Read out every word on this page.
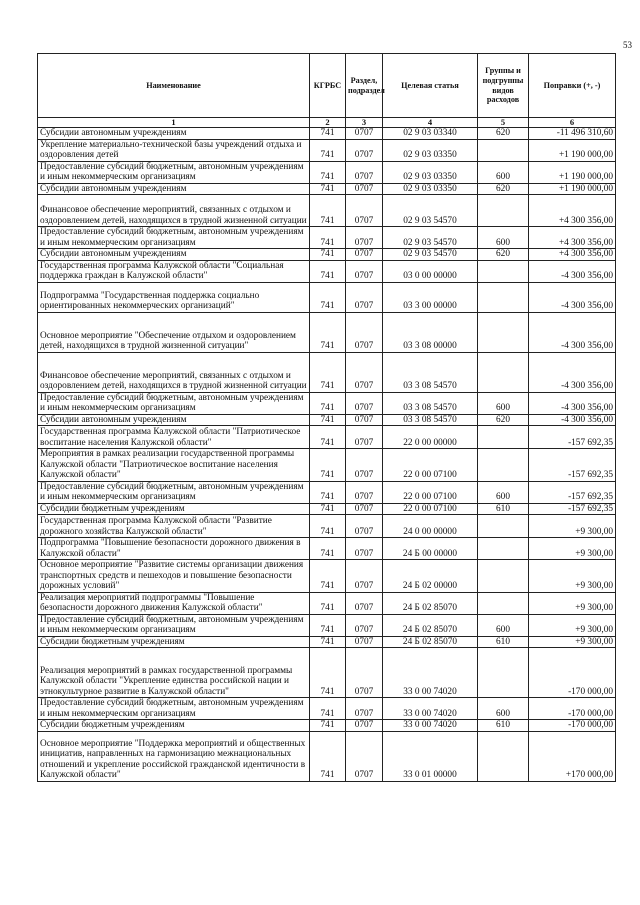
53
Наименование	КГРБС	Раздел, подраздел	Целевая статья	Группы и подгруппы видов расходов	Поправки (+, -)
1	2	3	4	5	6
Субсидии автономным учреждениям	741	0707	02 9 03 03340	620	-11 496 310,60
Укрепление материально-технической базы учреждений отдыха и оздоровления детей	741	0707	02 9 03 03350		+1 190 000,00
Предоставление субсидий бюджетным, автономным учреждениям и иным некоммерческим организациям	741	0707	02 9 03 03350	600	+1 190 000,00
Субсидии автономным учреждениям	741	0707	02 9 03 03350	620	+1 190 000,00
Финансовое обеспечение мероприятий, связанных с отдыхом и оздоровлением детей, находящихся в трудной жизненной ситуации	741	0707	02 9 03 54570		+4 300 356,00
Предоставление субсидий бюджетным, автономным учреждениям и иным некоммерческим организациям	741	0707	02 9 03 54570	600	+4 300 356,00
Субсидии автономным учреждениям	741	0707	02 9 03 54570	620	+4 300 356,00
Государственная программа Калужской области "Социальная поддержка граждан в Калужской области"	741	0707	03 0 00 00000		-4 300 356,00
Подпрограмма "Государственная поддержка социально ориентированных некоммерческих организаций"	741	0707	03 3 00 00000		-4 300 356,00
Основное мероприятие "Обеспечение отдыхом и оздоровлением детей, находящихся в трудной жизненной ситуации"	741	0707	03 3 08 00000		-4 300 356,00
Финансовое обеспечение мероприятий, связанных с отдыхом и оздоровлением детей, находящихся в трудной жизненной ситуации	741	0707	03 3 08 54570		-4 300 356,00
Предоставление субсидий бюджетным, автономным учреждениям и иным некоммерческим организациям	741	0707	03 3 08 54570	600	-4 300 356,00
Субсидии автономным учреждениям	741	0707	03 3 08 54570	620	-4 300 356,00
Государственная программа Калужской области "Патриотическое воспитание населения Калужской области"	741	0707	22 0 00 00000		-157 692,35
Мероприятия в рамках реализации государственной программы Калужской области "Патриотическое воспитание населения Калужской области"	741	0707	22 0 00 07100		-157 692,35
Предоставление субсидий бюджетным, автономным учреждениям и иным некоммерческим организациям	741	0707	22 0 00 07100	600	-157 692,35
Субсидии бюджетным учреждениям	741	0707	22 0 00 07100	610	-157 692,35
Государственная программа Калужской области "Развитие дорожного хозяйства Калужской области"	741	0707	24 0 00 00000		+9 300,00
Подпрограмма "Повышение безопасности дорожного движения в Калужской области"	741	0707	24 Б 00 00000		+9 300,00
Основное мероприятие "Развитие системы организации движения транспортных средств и пешеходов и повышение безопасности дорожных условий"	741	0707	24 Б 02 00000		+9 300,00
Реализация мероприятий подпрограммы "Повышение безопасности дорожного движения Калужской области"	741	0707	24 Б 02 85070		+9 300,00
Предоставление субсидий бюджетным, автономным учреждениям и иным некоммерческим организациям	741	0707	24 Б 02 85070	600	+9 300,00
Субсидии бюджетным учреждениям	741	0707	24 Б 02 85070	610	+9 300,00
Реализация мероприятий в рамках государственной программы Калужской области "Укрепление единства российской нации и этнокультурное развитие в Калужской области"	741	0707	33 0 00 74020		-170 000,00
Предоставление субсидий бюджетным, автономным учреждениям и иным некоммерческим организациям	741	0707	33 0 00 74020	600	-170 000,00
Субсидии бюджетным учреждениям	741	0707	33 0 00 74020	610	-170 000,00
Основное мероприятие "Поддержка мероприятий и общественных инициатив, направленных на гармонизацию межнациональных отношений и укрепление российской гражданской идентичности в Калужской области"	741	0707	33 0 01 00000		+170 000,00
